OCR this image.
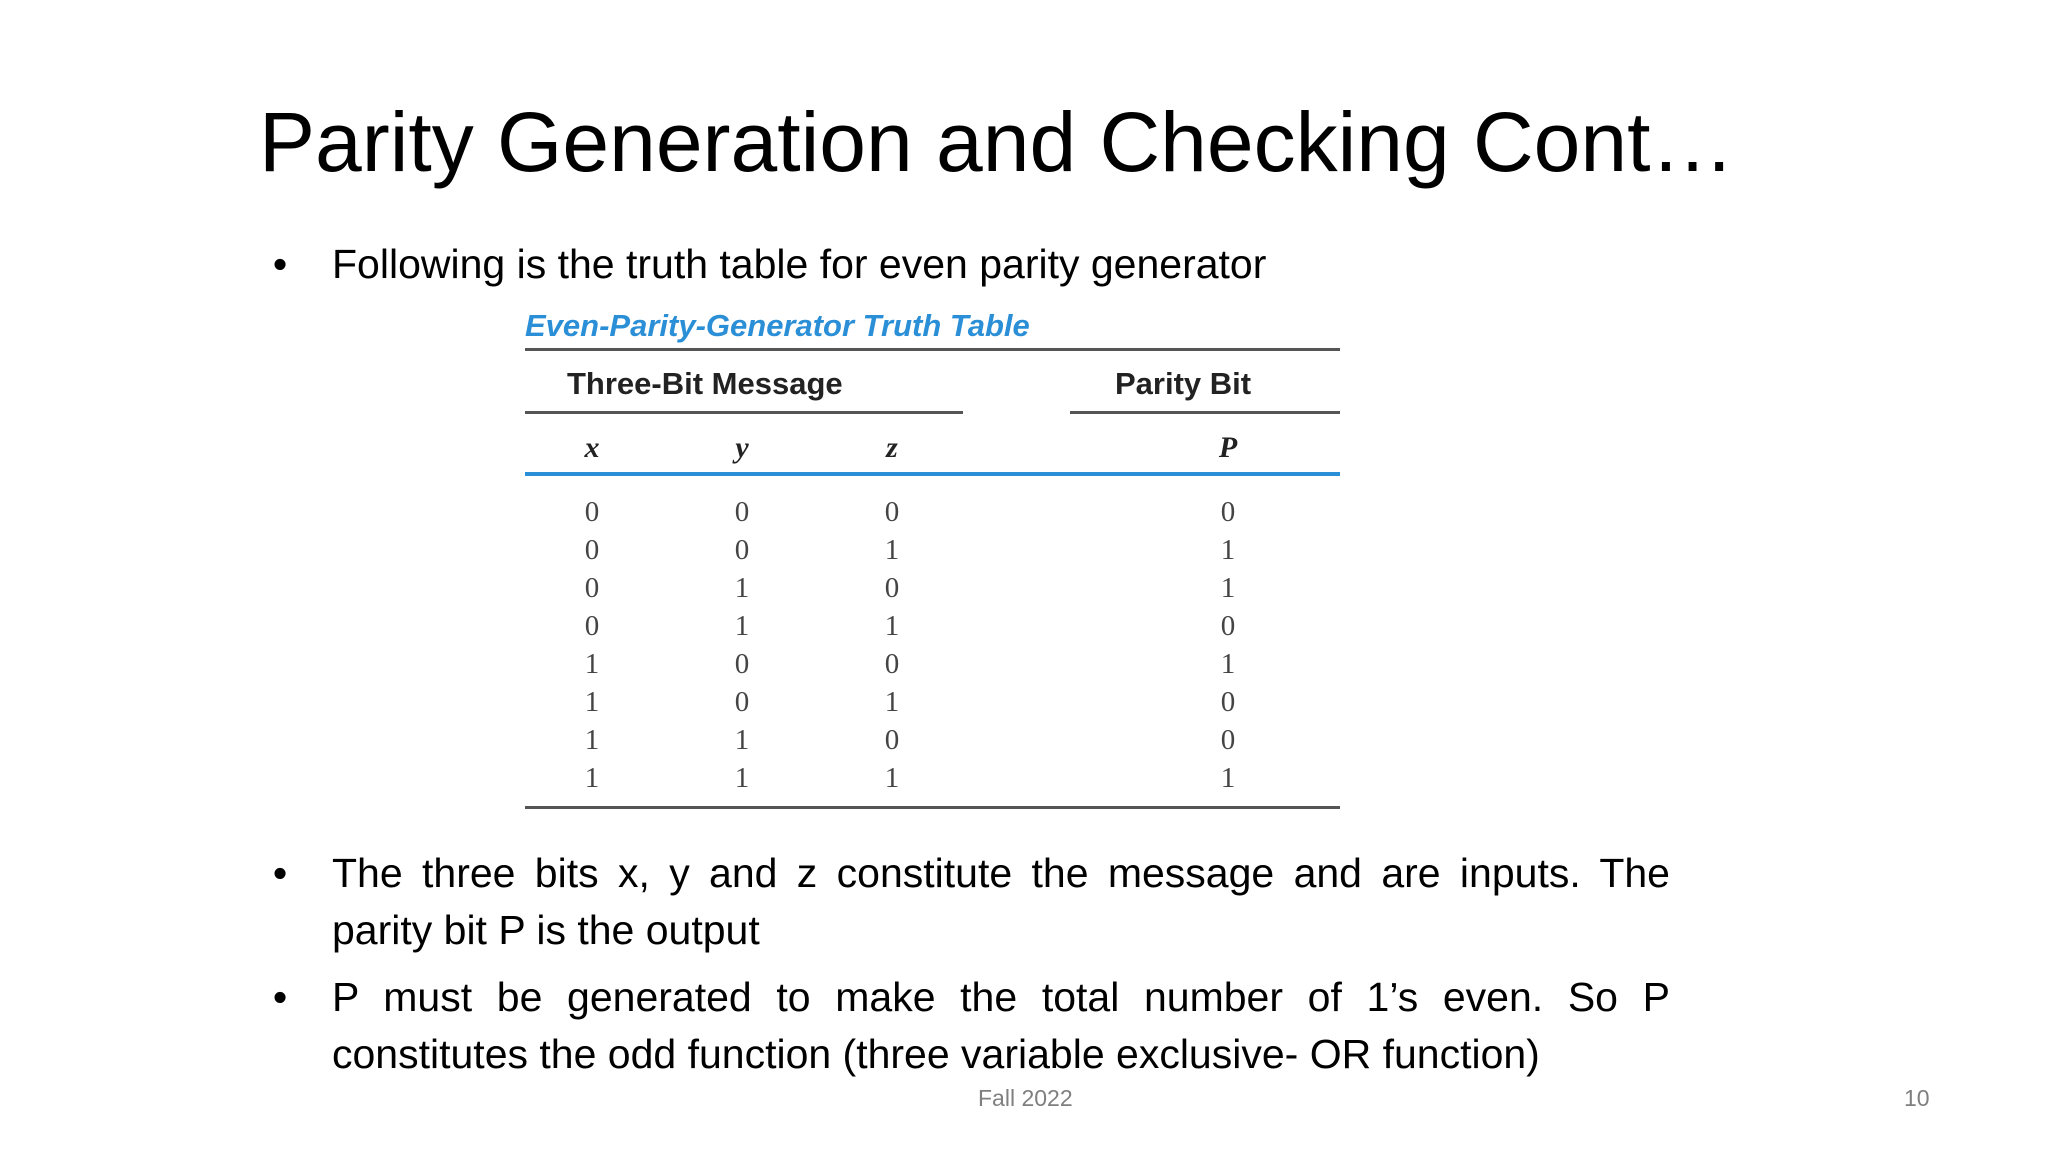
Parity Generation and Checking Cont…
• Following is the truth table for even parity generator
Even-Parity-Generator Truth Table
Three-Bit Message	Parity Bit
x	y	z	P
0	0	0	0
0	0	1	1
0	1	0	1
0	1	1	0
1	0	0	1
1	0	1	0
1	1	0	0
1	1	1	1
• The three bits x, y and z constitute the message and are inputs. The parity bit P is the output
• P must be generated to make the total number of 1’s even. So P constitutes the odd function (three variable exclusive- OR function)
Fall 2022	10
